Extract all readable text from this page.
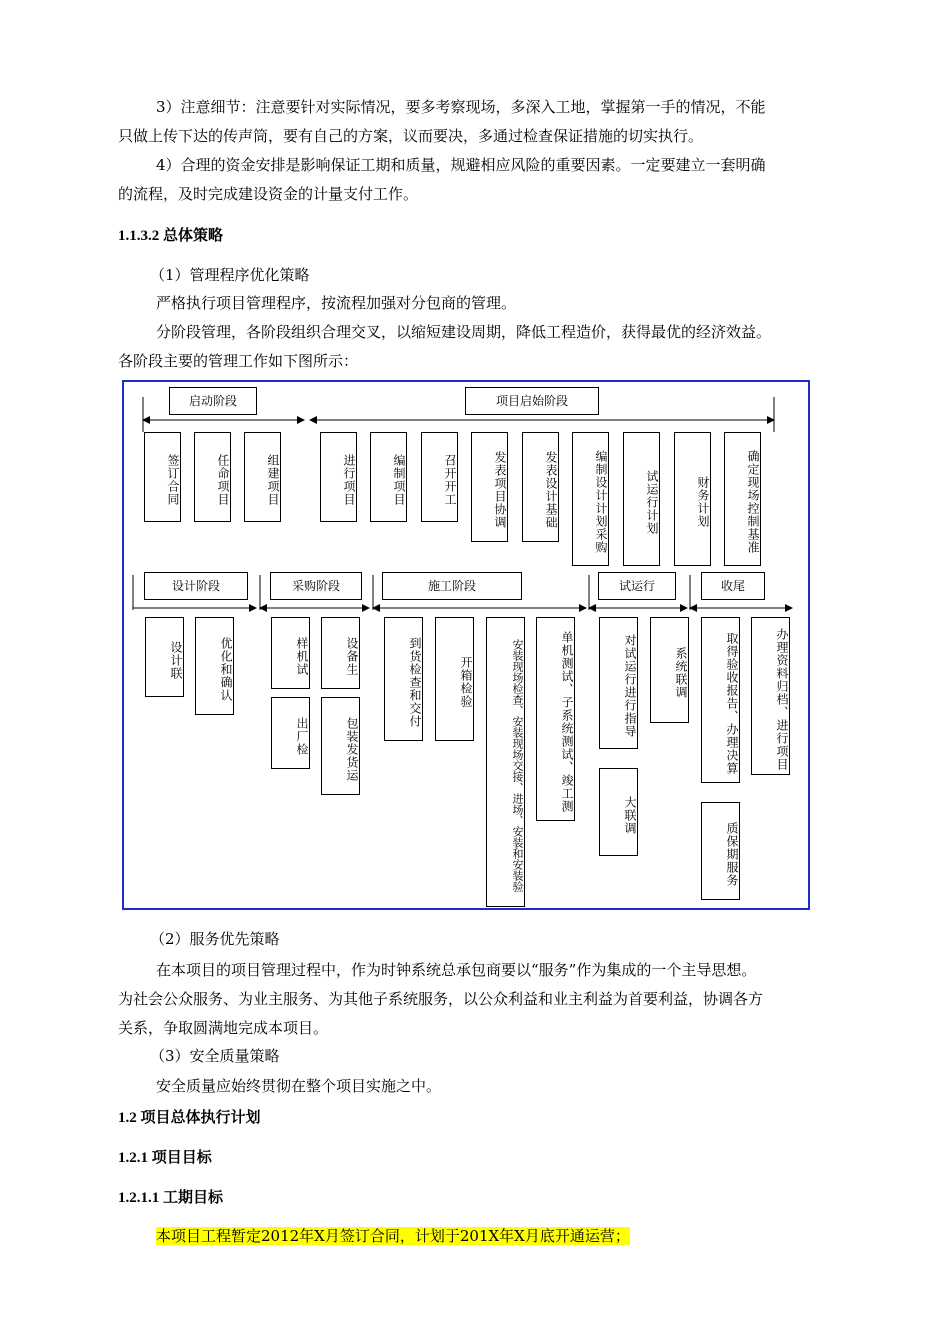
3）注意细节：注意要针对实际情况，要多考察现场，多深入工地，掌握第一手的情况，不能

只做上传下达的传声筒，要有自己的方案，议而要决，多通过检查保证措施的切实执行。

4）合理的资金安排是影响保证工期和质量，规避相应风险的重要因素。一定要建立一套明确

的流程，及时完成建设资金的计量支付工作。

1.1.3.2 总体策略

（1）管理程序优化策略

严格执行项目管理程序，按流程加强对分包商的管理。

分阶段管理，各阶段组织合理交叉，以缩短建设周期，降低工程造价，获得最优的经济效益。

各阶段主要的管理工作如下图所示：

启动阶段	项目启始阶段
签订合同	任命项目	组建项目	进行项目	编制项目	召开开工	发表项目协调	发表设计基础	编制设计计划采购	试运行计划	财务计划	确定现场控制基准
设计阶段	采购阶段	施工阶段	试运行	收尾
设计联	优化和确认	样机试	设备生
出厂检	包装发货运
到货检查和交付	开箱检验	安装现场检查、安装现场交接、进场、安装和安装验	单机测试、子系统测试、竣工测	对试运行进行指导	系统联调
大联调
取得验收报告、办理决算	办理资料归档、进行项目
质保期服务

（2）服务优先策略

在本项目的项目管理过程中，作为时钟系统总承包商要以“服务”作为集成的一个主导思想。

为社会公众服务、为业主服务、为其他子系统服务，以公众利益和业主利益为首要利益，协调各方

关系，争取圆满地完成本项目。

（3）安全质量策略

安全质量应始终贯彻在整个项目实施之中。

1.2 项目总体执行计划

1.2.1 项目目标

1.2.1.1 工期目标

本项目工程暂定2012年X月签订合同，计划于201X年X月底开通运营；
